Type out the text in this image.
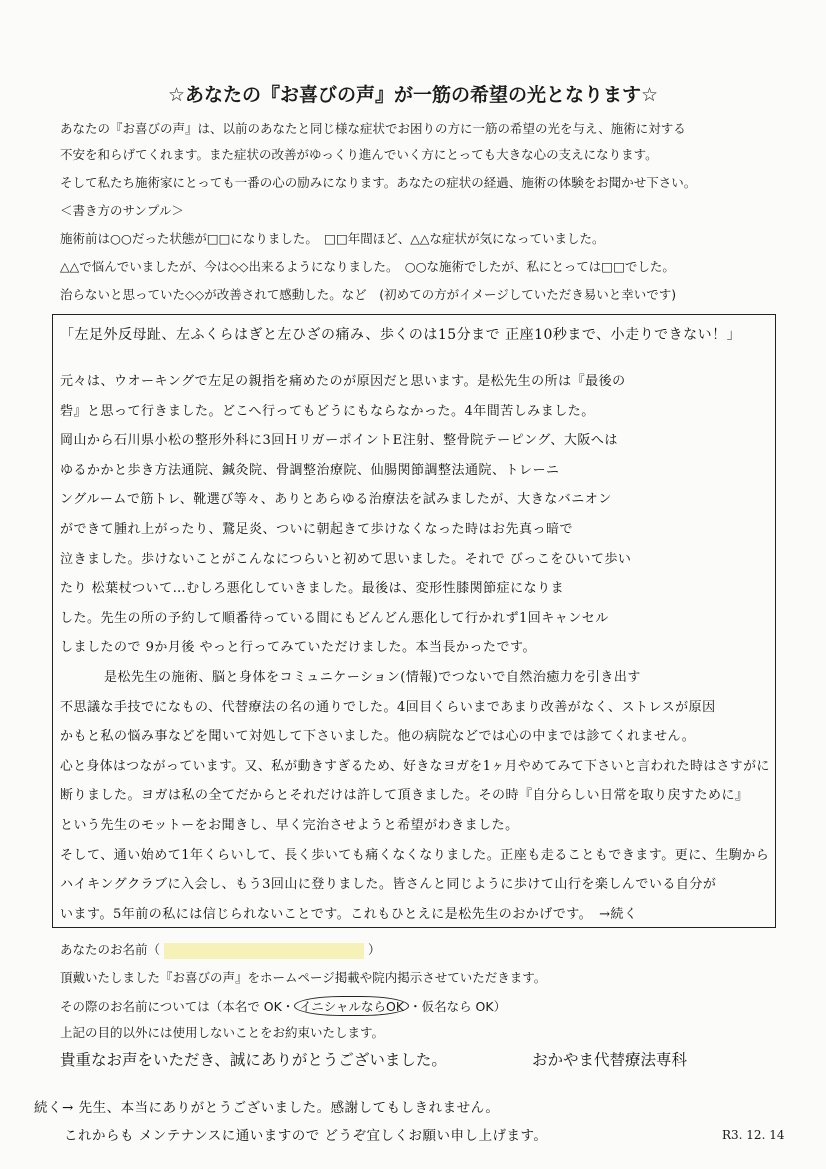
☆あなたの『お喜びの声』が一筋の希望の光となります☆
あなたの『お喜びの声』は、以前のあなたと同じ様な症状でお困りの方に一筋の希望の光を与え、施術に対する
不安を和らげてくれます。また症状の改善がゆっくり進んでいく方にとっても大きな心の支えになります。
そして私たち施術家にとっても一番の心の励みになります。あなたの症状の経過、施術の体験をお聞かせ下さい。
＜書き方のサンプル＞
施術前は○○だった状態が□□になりました。　□□年間ほど、△△な症状が気になっていました。
△△で悩んでいましたが、今は◇◇出来るようになりました。　○○な施術でしたが、私にとっては□□でした。
治らないと思っていた◇◇が改善されて感動した。など　(初めての方がイメージしていただき易いと幸いです)
「左足外反母趾、左ふくらはぎと左ひざの痛み、歩くのは15分まで 正座10秒まで、小走りできない！」
元々は、ウオーキングで左足の親指を痛めたのが原因だと思います。是松先生の所は『最後の
砦』と思って行きました。どこへ行ってもどうにもならなかった。4年間苦しみました。
岡山から石川県小松の整形外科に3回ＨリガーポイントE注射、整骨院テーピング、大阪へは
ゆるかかと歩き方法通院、鍼灸院、骨調整治療院、仙腸関節調整法通院、トレーニ
ングルームで筋トレ、靴選び等々、ありとあらゆる治療法を試みましたが、大きなバニオン
ができて腫れ上がったり、鵞足炎、ついに朝起きて歩けなくなった時はお先真っ暗で
泣きました。歩けないことがこんなにつらいと初めて思いました。それで びっこをひいて歩い
たり 松葉杖ついて…むしろ悪化していきました。最後は、変形性膝関節症になりま
した。先生の所の予約して順番待っている間にもどんどん悪化して行かれず1回キャンセル
しましたので 9か月後 やっと行ってみていただけました。本当長かったです。
是松先生の施術、脳と身体をコミュニケーション(情報)でつないで自然治癒力を引き出す
不思議な手技でになもの、代替療法の名の通りでした。4回目くらいまであまり改善がなく、ストレスが原因
かもと私の悩み事などを聞いて対処して下さいました。他の病院などでは心の中までは診てくれません。
心と身体はつながっています。又、私が動きすぎるため、好きなヨガを1ヶ月やめてみて下さいと言われた時はさすがに
断りました。ヨガは私の全てだからとそれだけは許して頂きました。その時『自分らしい日常を取り戻すために』
という先生のモットーをお聞きし、早く完治させようと希望がわきました。
そして、通い始めて1年くらいして、長く歩いても痛くなくなりました。正座も走ることもできます。更に、生駒から
ハイキングクラブに入会し、もう3回山に登りました。皆さんと同じように歩けて山行を楽しんでいる自分が
います。5年前の私には信じられないことです。これもひとえに是松先生のおかげです。　→続く
あなたのお名前（	）
頂戴いたしました『お喜びの声』をホームページ掲載や院内掲示させていただきます。
その際のお名前については（本名で OK・ イニシャルならOK ・仮名なら OK）
上記の目的以外には使用しないことをお約束いたします。
貴重なお声をいただき、誠にありがとうございました。	おかやま代替療法専科
続く→ 先生、本当にありがとうございました。感謝してもしきれません。
これからも メンテナンスに通いますので どうぞ宜しくお願い申し上げます。	R3. 12. 14
